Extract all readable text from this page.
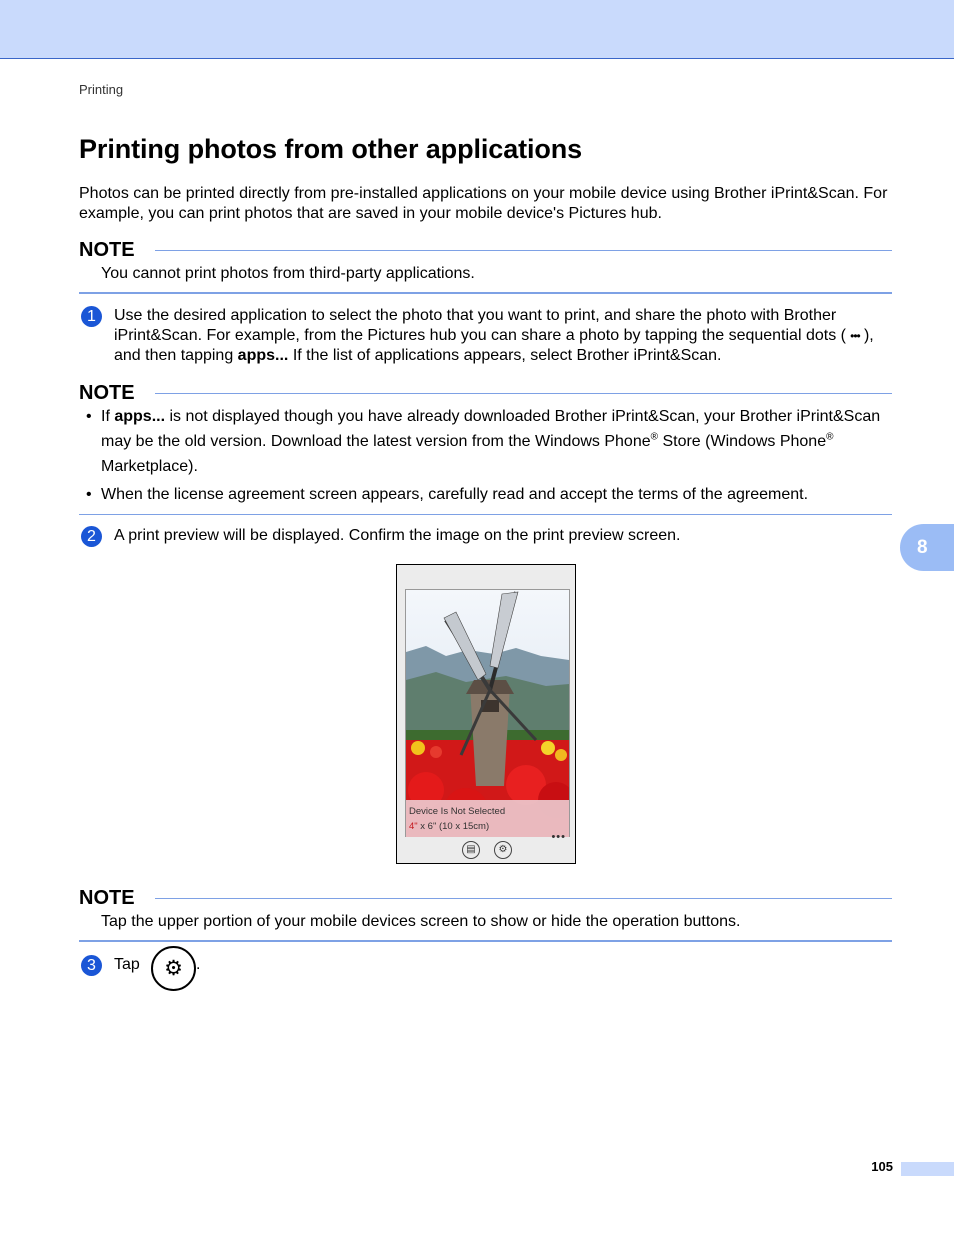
Printing
Printing photos from other applications

Photos can be printed directly from pre-installed applications on your mobile device using Brother iPrint&Scan. For example, you can print photos that are saved in your mobile device's Pictures hub.

NOTE

You cannot print photos from third-party applications.

1	Use the desired application to select the photo that you want to print, and share the photo with Brother iPrint&Scan. For example, from the Pictures hub you can share a photo by tapping the sequential dots ( ••• ), and then tapping apps... If the list of applications appears, select Brother iPrint&Scan.

NOTE
• If apps... is not displayed though you have already downloaded Brother iPrint&Scan, your Brother iPrint&Scan may be the old version. Download the latest version from the Windows Phone® Store (Windows Phone® Marketplace).
• When the license agreement screen appears, carefully read and accept the terms of the agreement.
2	A print preview will be displayed. Confirm the image on the print preview screen.

8
Device Is Not Selected
4" x 6" (10 x 15cm)
▤	⚙
•••
NOTE

Tap the upper portion of your mobile devices screen to show or hide the operation buttons.

3	Tap	⚙ .
105
